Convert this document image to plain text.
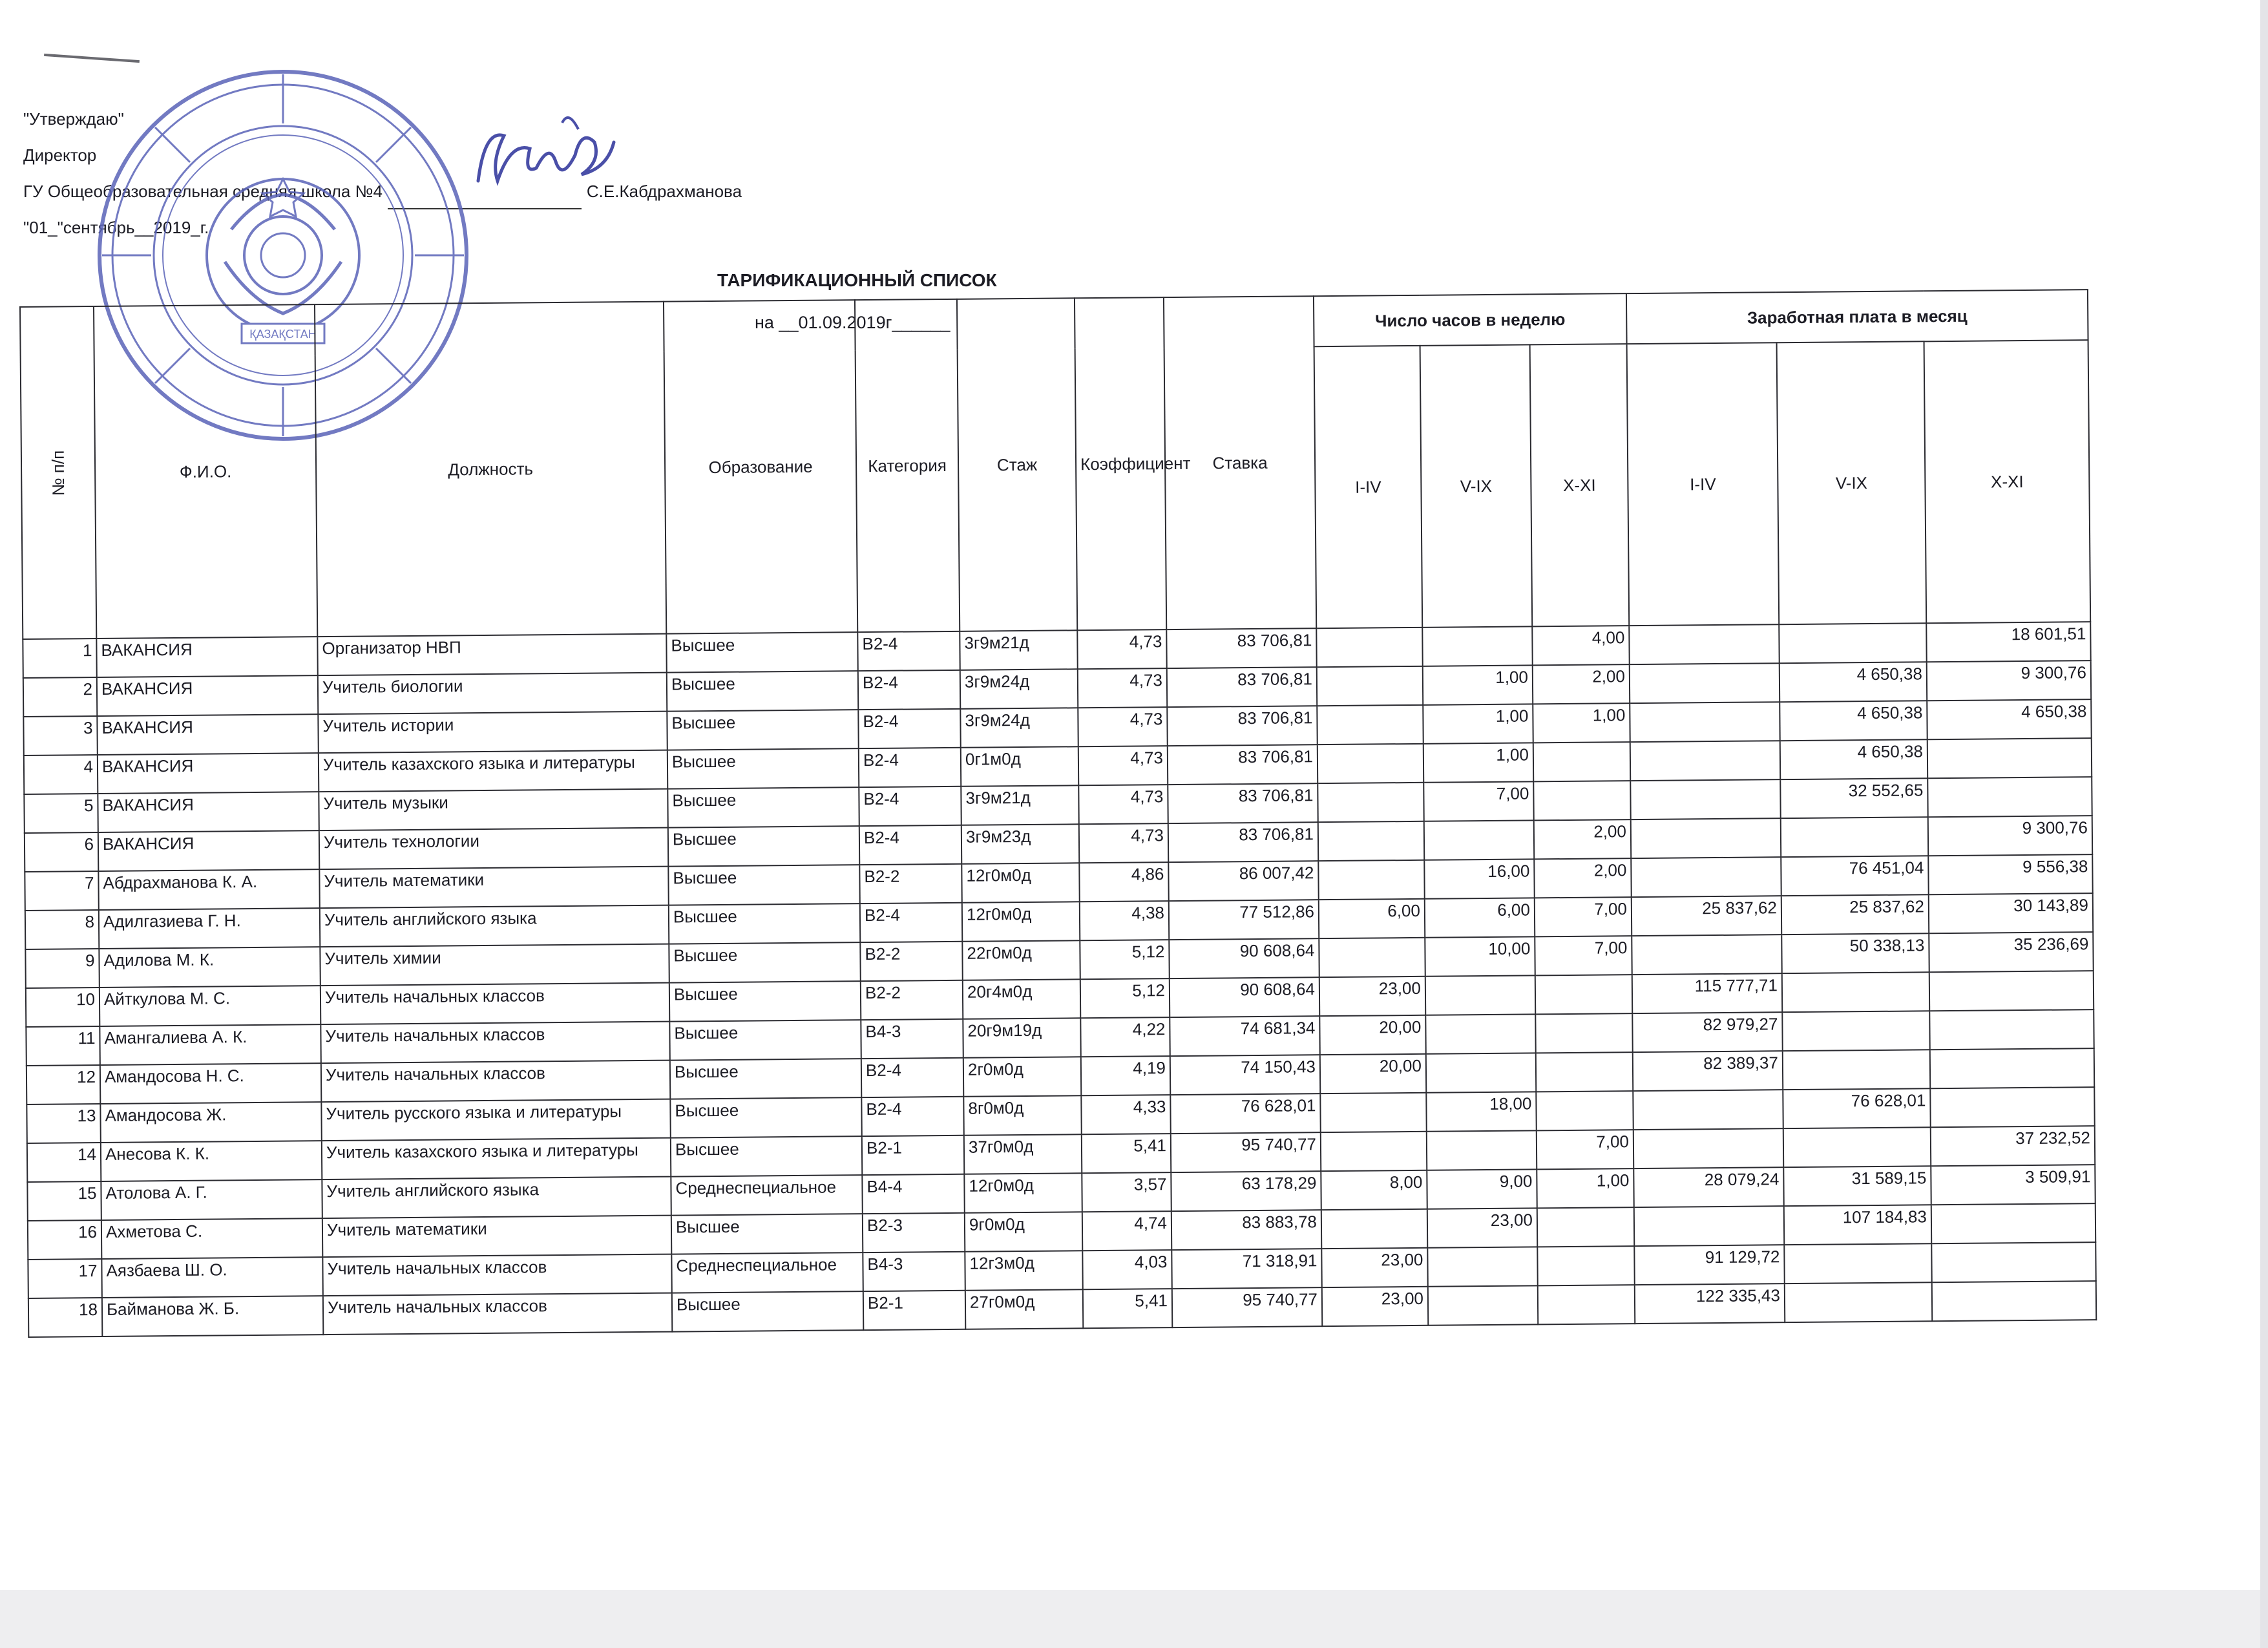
"Утверждаю"
Директор
ГУ Общеобразовательная средняя школа №4	С.Е.Кабдрахманова
"01_"сентябрь__2019_г.
ҚАЗАҚСТАН
ТАРИФИКАЦИОННЫЙ СПИСОК
на __01.09.2019г______
№ п/п	Ф.И.О.	Должность	Образование	Категория	Стаж	Коэффициент	Ставка	Число часов в неделю			Заработная плата в месяц		
								I-IV	V-IX	X-XI	I-IV	V-IX	X-XI
1	ВАКАНСИЯ	Организатор НВП	Высшее	В2-4	3г9м21д	4,73	83 706,81			4,00			18 601,51
2	ВАКАНСИЯ	Учитель биологии	Высшее	В2-4	3г9м24д	4,73	83 706,81		1,00	2,00		4 650,38	9 300,76
3	ВАКАНСИЯ	Учитель истории	Высшее	В2-4	3г9м24д	4,73	83 706,81		1,00	1,00		4 650,38	4 650,38
4	ВАКАНСИЯ	Учитель казахского языка и литературы	Высшее	В2-4	0г1м0д	4,73	83 706,81		1,00			4 650,38	
5	ВАКАНСИЯ	Учитель музыки	Высшее	В2-4	3г9м21д	4,73	83 706,81		7,00			32 552,65	
6	ВАКАНСИЯ	Учитель технологии	Высшее	В2-4	3г9м23д	4,73	83 706,81			2,00			9 300,76
7	Абдрахманова К. А.	Учитель математики	Высшее	В2-2	12г0м0д	4,86	86 007,42		16,00	2,00		76 451,04	9 556,38
8	Адилгазиева Г. Н.	Учитель английского языка	Высшее	В2-4	12г0м0д	4,38	77 512,86	6,00	6,00	7,00	25 837,62	25 837,62	30 143,89
9	Адилова М. К.	Учитель химии	Высшее	В2-2	22г0м0д	5,12	90 608,64		10,00	7,00		50 338,13	35 236,69
10	Айткулова М. С.	Учитель начальных классов	Высшее	В2-2	20г4м0д	5,12	90 608,64	23,00			115 777,71		
11	Амангалиева А. К.	Учитель начальных классов	Высшее	В4-3	20г9м19д	4,22	74 681,34	20,00			82 979,27		
12	Амандосова Н. С.	Учитель начальных классов	Высшее	В2-4	2г0м0д	4,19	74 150,43	20,00			82 389,37		
13	Амандосова Ж.	Учитель русского языка и литературы	Высшее	В2-4	8г0м0д	4,33	76 628,01		18,00			76 628,01	
14	Анесова К. К.	Учитель казахского языка и литературы	Высшее	В2-1	37г0м0д	5,41	95 740,77			7,00			37 232,52
15	Атолова А. Г.	Учитель английского языка	Среднеспециальное	В4-4	12г0м0д	3,57	63 178,29	8,00	9,00	1,00	28 079,24	31 589,15	3 509,91
16	Ахметова С.	Учитель математики	Высшее	В2-3	9г0м0д	4,74	83 883,78		23,00			107 184,83	
17	Аязбаева Ш. О.	Учитель начальных классов	Среднеспециальное	В4-3	12г3м0д	4,03	71 318,91	23,00			91 129,72		
18	Байманова Ж. Б.	Учитель начальных классов	Высшее	В2-1	27г0м0д	5,41	95 740,77	23,00			122 335,43		
